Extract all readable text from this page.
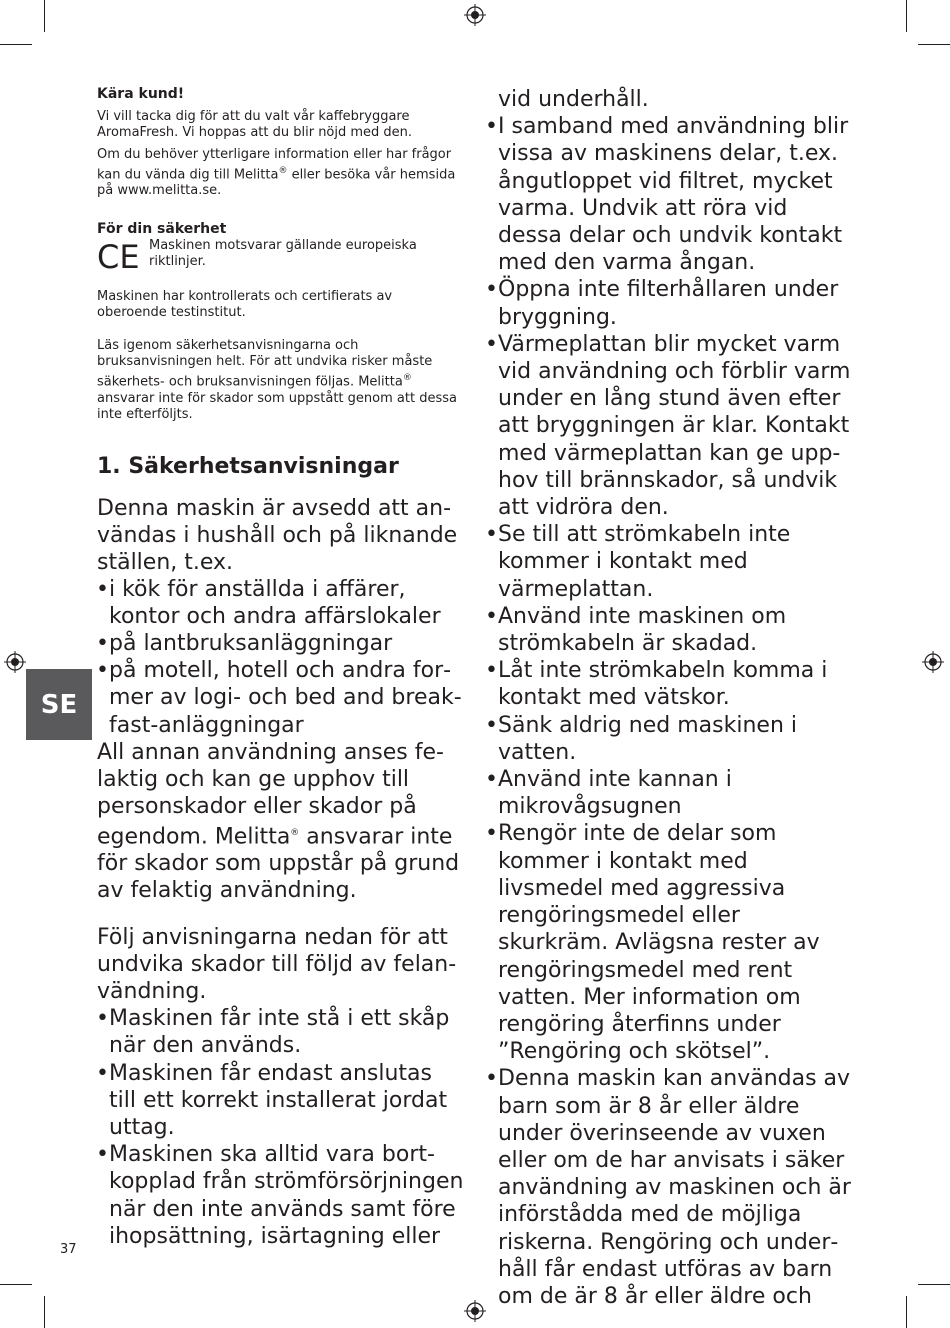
SE

Kära kund!

Vi vill tacka dig för att du valt vår kaffebryggare AromaFresh. Vi hoppas att du blir nöjd med den.

Om du behöver ytterligare information eller har frågor kan du vända dig till Melitta® eller besöka vår hemsida på www.melitta.se.

För din säkerhet

CE Maskinen motsvarar gällande europeiska riktlinjer.

Maskinen har kontrollerats och certifierats av oberoende testinstitut.

Läs igenom säkerhetsanvisningarna och bruksanvisningen helt. För att undvika risker måste säkerhets- och bruksanvisningen följas. Melitta® ansvarar inte för skador som uppstått genom att dessa inte efterföljts.

1. Säkerhetsanvisningar

Denna maskin är avsedd att användas i hushåll och på liknande ställen, t.ex.

• i kök för anställda i affärer, kontor och andra affärslokaler
• på lantbruksanläggningar
• på motell, hotell och andra former av logi- och bed and breakfast-anläggningar

All annan användning anses felaktig och kan ge upphov till personskador eller skador på egendom. Melitta® ansvarar inte för skador som uppstår på grund av felaktig användning.

Följ anvisningarna nedan för att undvika skador till följd av felanvändning.

• Maskinen får inte stå i ett skåp när den används.
• Maskinen får endast anslutas till ett korrekt installerat jordat uttag.
• Maskinen ska alltid vara bortkopplad från strömförsörjningen när den inte används samt före ihopsättning, isärtagning eller

vid underhåll.

• I samband med användning blir vissa av maskinens delar, t.ex. ångutloppet vid filtret, mycket varma. Undvik att röra vid dessa delar och undvik kontakt med den varma ångan.
• Öppna inte filterhållaren under bryggning.
• Värmeplattan blir mycket varm vid användning och förblir varm under en lång stund även efter att bryggningen är klar. Kontakt med värmeplattan kan ge upphov till brännskador, så undvik att vidröra den.
• Se till att strömkabeln inte kommer i kontakt med värmeplattan.
• Använd inte maskinen om strömkabeln är skadad.
• Låt inte strömkabeln komma i kontakt med vätskor.
• Sänk aldrig ned maskinen i vatten.
• Använd inte kannan i mikrovågsugnen
• Rengör inte de delar som kommer i kontakt med livsmedel med aggressiva rengöringsmedel eller skurkräm. Avlägsna rester av rengöringsmedel med rent vatten. Mer information om rengöring återfinns under ”Rengöring och skötsel”.
• Denna maskin kan användas av barn som är 8 år eller äldre under överinseende av vuxen eller om de har anvisats i säker användning av maskinen och är införstådda med de möjliga riskerna. Rengöring och underhåll får endast utföras av barn om de är 8 år eller äldre och
37
